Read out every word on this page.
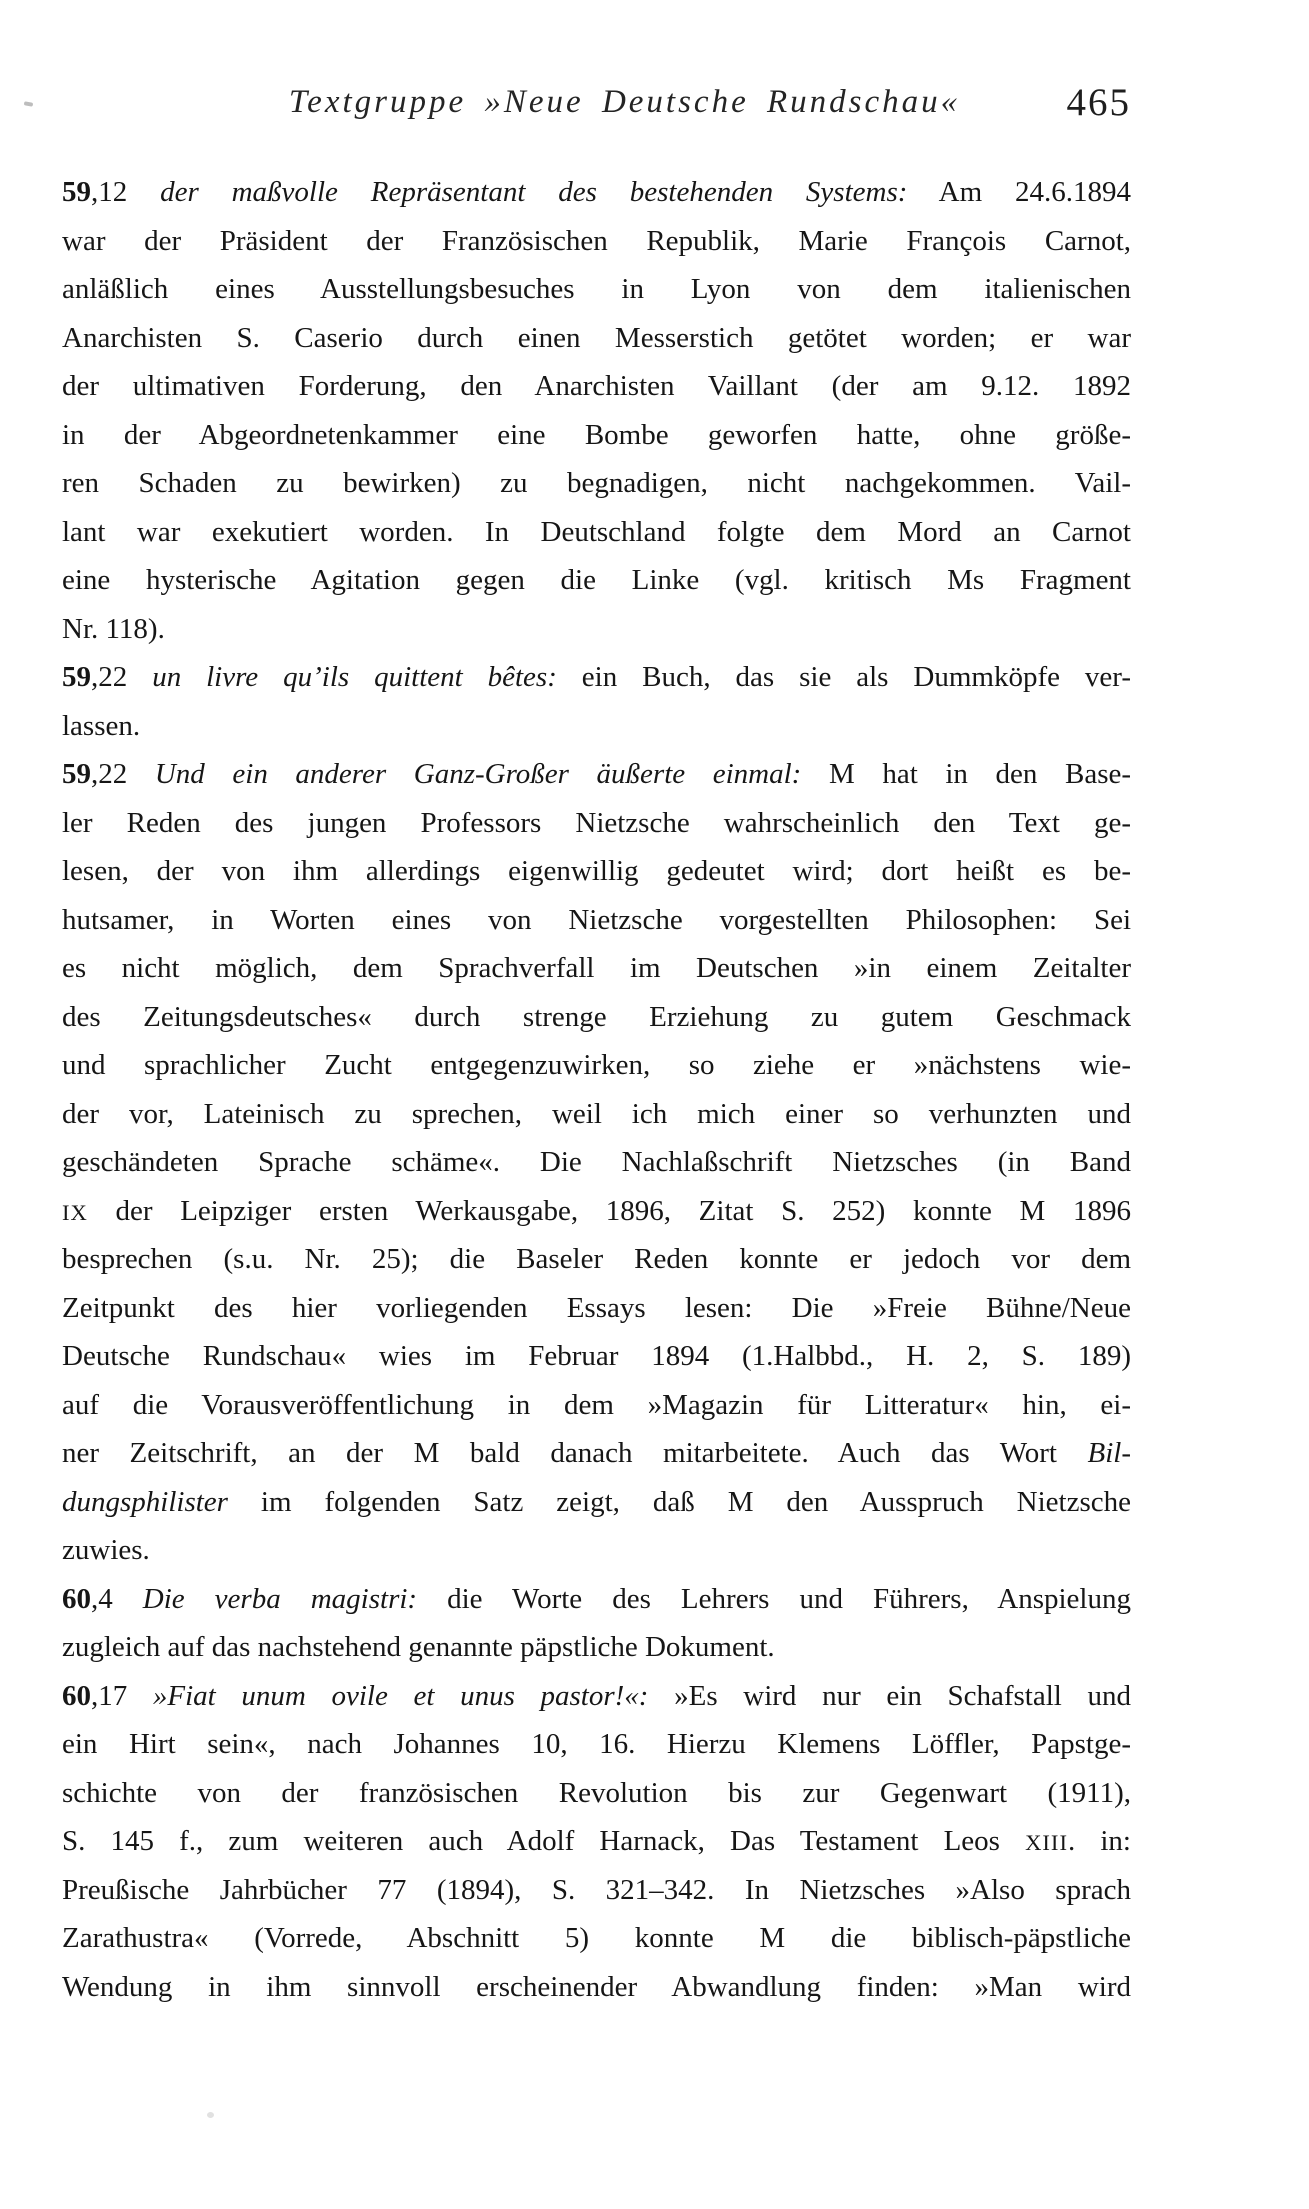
Textgruppe »Neue Deutsche Rundschau«	465
59,12 der maßvolle Repräsentant des bestehenden Systems: Am 24.6.1894
war der Präsident der Französischen Republik, Marie François Carnot,
anläßlich eines Ausstellungsbesuches in Lyon von dem italienischen
Anarchisten S. Caserio durch einen Messerstich getötet worden; er war
der ultimativen Forderung, den Anarchisten Vaillant (der am 9.12. 1892
in der Abgeordnetenkammer eine Bombe geworfen hatte, ohne größe-
ren Schaden zu bewirken) zu begnadigen, nicht nachgekommen. Vail-
lant war exekutiert worden. In Deutschland folgte dem Mord an Carnot
eine hysterische Agitation gegen die Linke (vgl. kritisch Ms Fragment
Nr. 118).
59,22 un livre qu’ils quittent bêtes: ein Buch, das sie als Dummköpfe ver-
lassen.
59,22 Und ein anderer Ganz-Großer äußerte einmal: M hat in den Base-
ler Reden des jungen Professors Nietzsche wahrscheinlich den Text ge-
lesen, der von ihm allerdings eigenwillig gedeutet wird; dort heißt es be-
hutsamer, in Worten eines von Nietzsche vorgestellten Philosophen: Sei
es nicht möglich, dem Sprachverfall im Deutschen »in einem Zeitalter
des Zeitungsdeutsches« durch strenge Erziehung zu gutem Geschmack
und sprachlicher Zucht entgegenzuwirken, so ziehe er »nächstens wie-
der vor, Lateinisch zu sprechen, weil ich mich einer so verhunzten und
geschändeten Sprache schäme«. Die Nachlaßschrift Nietzsches (in Band
IX der Leipziger ersten Werkausgabe, 1896, Zitat S. 252) konnte M 1896
besprechen (s.u. Nr. 25); die Baseler Reden konnte er jedoch vor dem
Zeitpunkt des hier vorliegenden Essays lesen: Die »Freie Bühne/Neue
Deutsche Rundschau« wies im Februar 1894 (1.Halbbd., H. 2, S. 189)
auf die Vorausveröffentlichung in dem »Magazin für Litteratur« hin, ei-
ner Zeitschrift, an der M bald danach mitarbeitete. Auch das Wort Bil-
dungsphilister im folgenden Satz zeigt, daß M den Ausspruch Nietzsche
zuwies.
60,4 Die verba magistri: die Worte des Lehrers und Führers, Anspielung
zugleich auf das nachstehend genannte päpstliche Dokument.
60,17 »Fiat unum ovile et unus pastor!«: »Es wird nur ein Schafstall und
ein Hirt sein«, nach Johannes 10, 16. Hierzu Klemens Löffler, Papstge-
schichte von der französischen Revolution bis zur Gegenwart (1911),
S. 145 f., zum weiteren auch Adolf Harnack, Das Testament Leos XIII. in:
Preußische Jahrbücher 77 (1894), S. 321–342. In Nietzsches »Also sprach
Zarathustra« (Vorrede, Abschnitt 5) konnte M die biblisch-päpstliche
Wendung in ihm sinnvoll erscheinender Abwandlung finden: »Man wird
